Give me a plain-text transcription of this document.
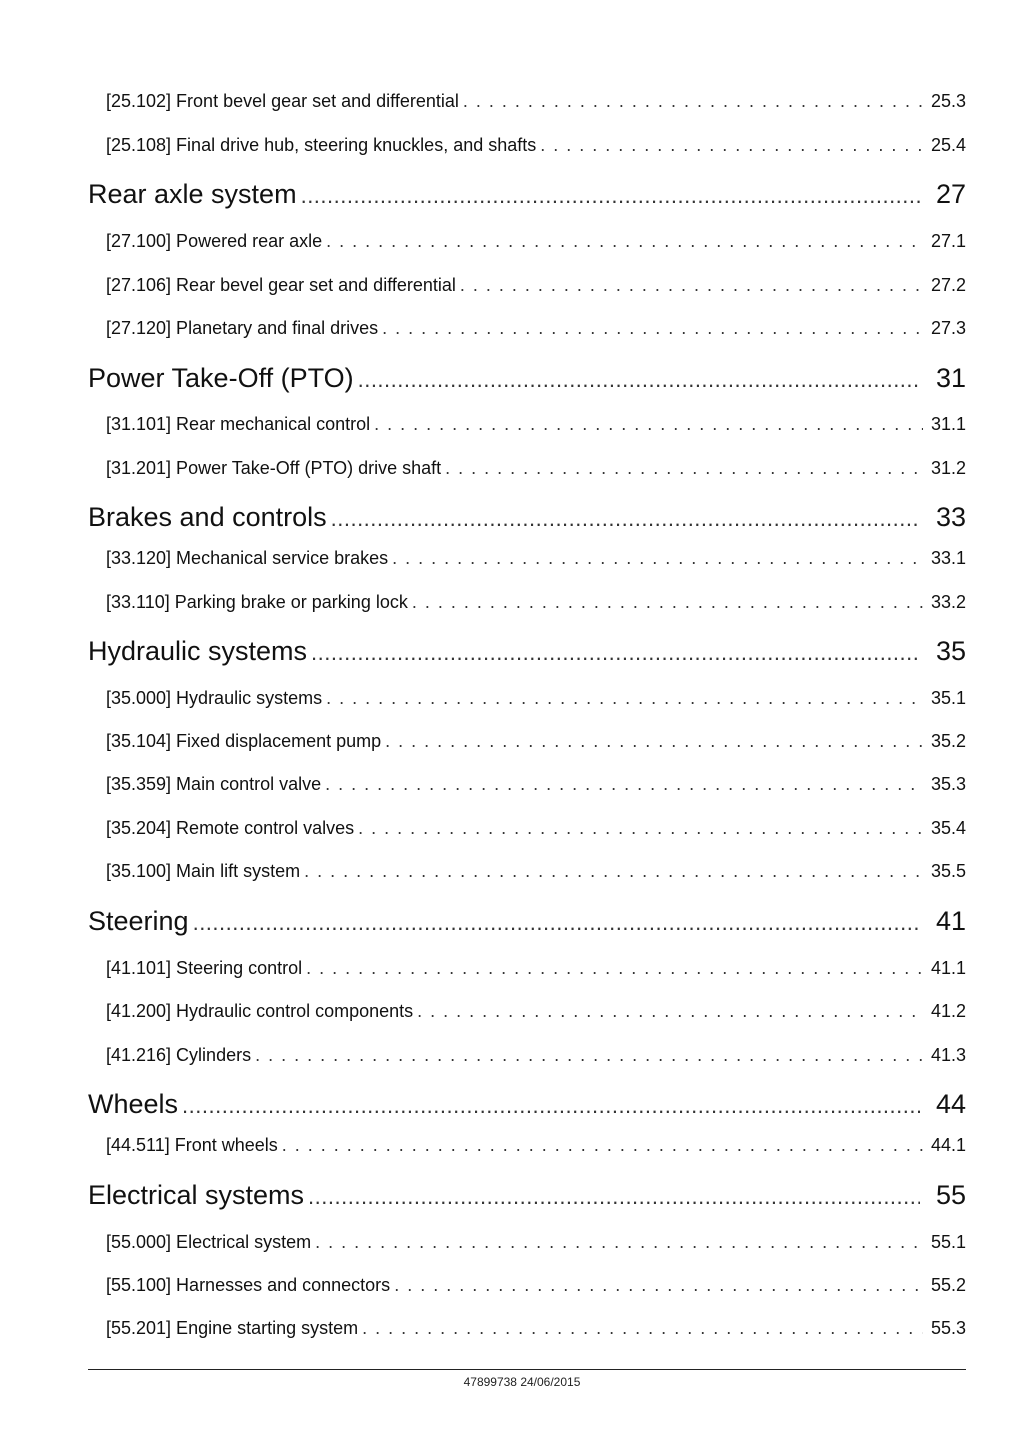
[25.102] Front bevel gear set and differential . . .	25.3
[25.108] Final drive hub, steering knuckles, and shafts . . .	25.4
Rear axle system .....	27
[27.100] Powered rear axle . . .	27.1
[27.106] Rear bevel gear set and differential . . .	27.2
[27.120] Planetary and final drives . . .	27.3
Power Take-Off (PTO) .....	31
[31.101] Rear mechanical control . . .	31.1
[31.201] Power Take-Off (PTO) drive shaft . . .	31.2
Brakes and controls .....	33
[33.120] Mechanical service brakes . . .	33.1
[33.110] Parking brake or parking lock . . .	33.2
Hydraulic systems .....	35
[35.000] Hydraulic systems . . .	35.1
[35.104] Fixed displacement pump . . .	35.2
[35.359] Main control valve . . .	35.3
[35.204] Remote control valves . . .	35.4
[35.100] Main lift system . . .	35.5
Steering .....	41
[41.101] Steering control . . .	41.1
[41.200] Hydraulic control components . . .	41.2
[41.216] Cylinders . . .	41.3
Wheels .....	44
[44.511] Front wheels . . .	44.1
Electrical systems .....	55
[55.000] Electrical system . . .	55.1
[55.100] Harnesses and connectors . . .	55.2
[55.201] Engine starting system . . .	55.3
47899738 24/06/2015
